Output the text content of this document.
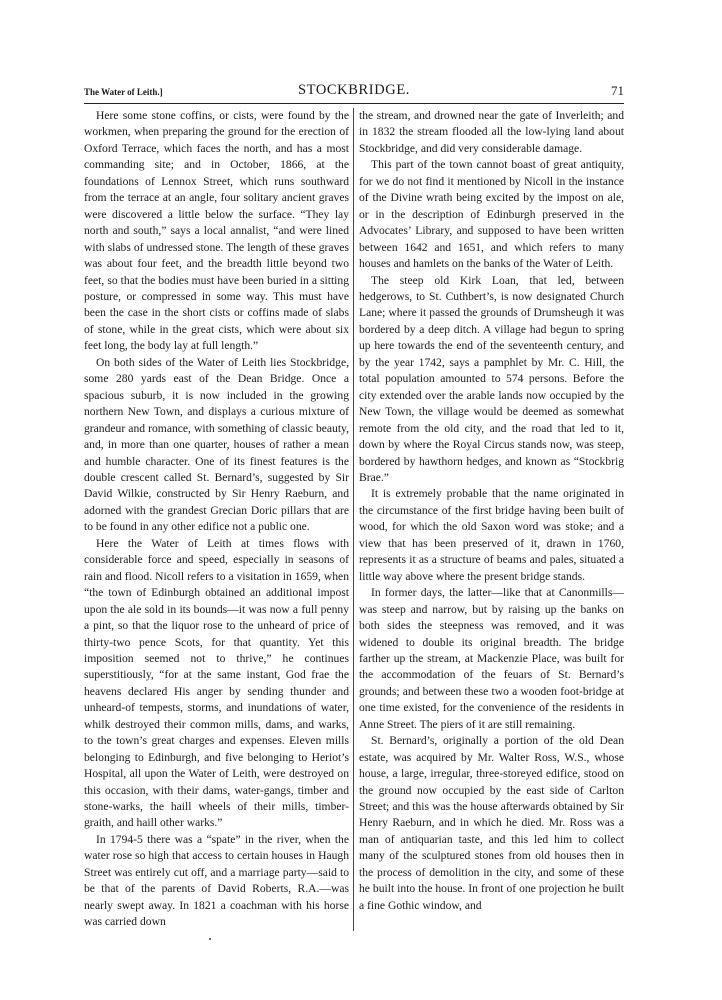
The Water of Leith.]	STOCKBRIDGE.	71

Here some stone coffins, or cists, were found by the workmen, when preparing the ground for the erection of Oxford Terrace, which faces the north, and has a most commanding site; and in October, 1866, at the foundations of Lennox Street, which runs southward from the terrace at an angle, four solitary ancient graves were discovered a little below the surface. “They lay north and south,” says a local annalist, “and were lined with slabs of undressed stone. The length of these graves was about four feet, and the breadth little beyond two feet, so that the bodies must have been buried in a sitting posture, or compressed in some way. This must have been the case in the short cists or coffins made of slabs of stone, while in the great cists, which were about six feet long, the body lay at full length.”

On both sides of the Water of Leith lies Stockbridge, some 280 yards east of the Dean Bridge. Once a spacious suburb, it is now included in the growing northern New Town, and displays a curious mixture of grandeur and romance, with something of classic beauty, and, in more than one quarter, houses of rather a mean and humble character. One of its finest features is the double crescent called St. Bernard’s, suggested by Sir David Wilkie, constructed by Sir Henry Raeburn, and adorned with the grandest Grecian Doric pillars that are to be found in any other edifice not a public one.

Here the Water of Leith at times flows with considerable force and speed, especially in seasons of rain and flood. Nicoll refers to a visitation in 1659, when “the town of Edinburgh obtained an additional impost upon the ale sold in its bounds—it was now a full penny a pint, so that the liquor rose to the unheard of price of thirty-two pence Scots, for that quantity. Yet this imposition seemed not to thrive,” he continues superstitiously, “for at the same instant, God frae the heavens declared His anger by sending thunder and unheard-of tempests, storms, and inundations of water, whilk destroyed their common mills, dams, and warks, to the town’s great charges and expenses. Eleven mills belonging to Edinburgh, and five belonging to Heriot’s Hospital, all upon the Water of Leith, were destroyed on this occasion, with their dams, water-gangs, timber and stone-warks, the haill wheels of their mills, timber-graith, and haill other warks.”

In 1794-5 there was a “spate” in the river, when the water rose so high that access to certain houses in Haugh Street was entirely cut off, and a marriage party—said to be that of the parents of David Roberts, R.A.—was nearly swept away. In 1821 a coachman with his horse was carried down

the stream, and drowned near the gate of Inverleith; and in 1832 the stream flooded all the low-lying land about Stockbridge, and did very considerable damage.

This part of the town cannot boast of great antiquity, for we do not find it mentioned by Nicoll in the instance of the Divine wrath being excited by the impost on ale, or in the description of Edinburgh preserved in the Advocates’ Library, and supposed to have been written between 1642 and 1651, and which refers to many houses and hamlets on the banks of the Water of Leith.

The steep old Kirk Loan, that led, between hedgerows, to St. Cuthbert’s, is now designated Church Lane; where it passed the grounds of Drumsheugh it was bordered by a deep ditch. A village had begun to spring up here towards the end of the seventeenth century, and by the year 1742, says a pamphlet by Mr. C. Hill, the total population amounted to 574 persons. Before the city extended over the arable lands now occupied by the New Town, the village would be deemed as somewhat remote from the old city, and the road that led to it, down by where the Royal Circus stands now, was steep, bordered by hawthorn hedges, and known as “Stockbrig Brae.”

It is extremely probable that the name originated in the circumstance of the first bridge having been built of wood, for which the old Saxon word was stoke; and a view that has been preserved of it, drawn in 1760, represents it as a structure of beams and pales, situated a little way above where the present bridge stands.

In former days, the latter—like that at Canonmills—was steep and narrow, but by raising up the banks on both sides the steepness was removed, and it was widened to double its original breadth. The bridge farther up the stream, at Mackenzie Place, was built for the accommodation of the feuars of St. Bernard’s grounds; and between these two a wooden foot-bridge at one time existed, for the convenience of the residents in Anne Street. The piers of it are still remaining.

St. Bernard’s, originally a portion of the old Dean estate, was acquired by Mr. Walter Ross, W.S., whose house, a large, irregular, three-storeyed edifice, stood on the ground now occupied by the east side of Carlton Street; and this was the house afterwards obtained by Sir Henry Raeburn, and in which he died. Mr. Ross was a man of antiquarian taste, and this led him to collect many of the sculptured stones from old houses then in the process of demolition in the city, and some of these he built into the house. In front of one projection he built a fine Gothic window, and
